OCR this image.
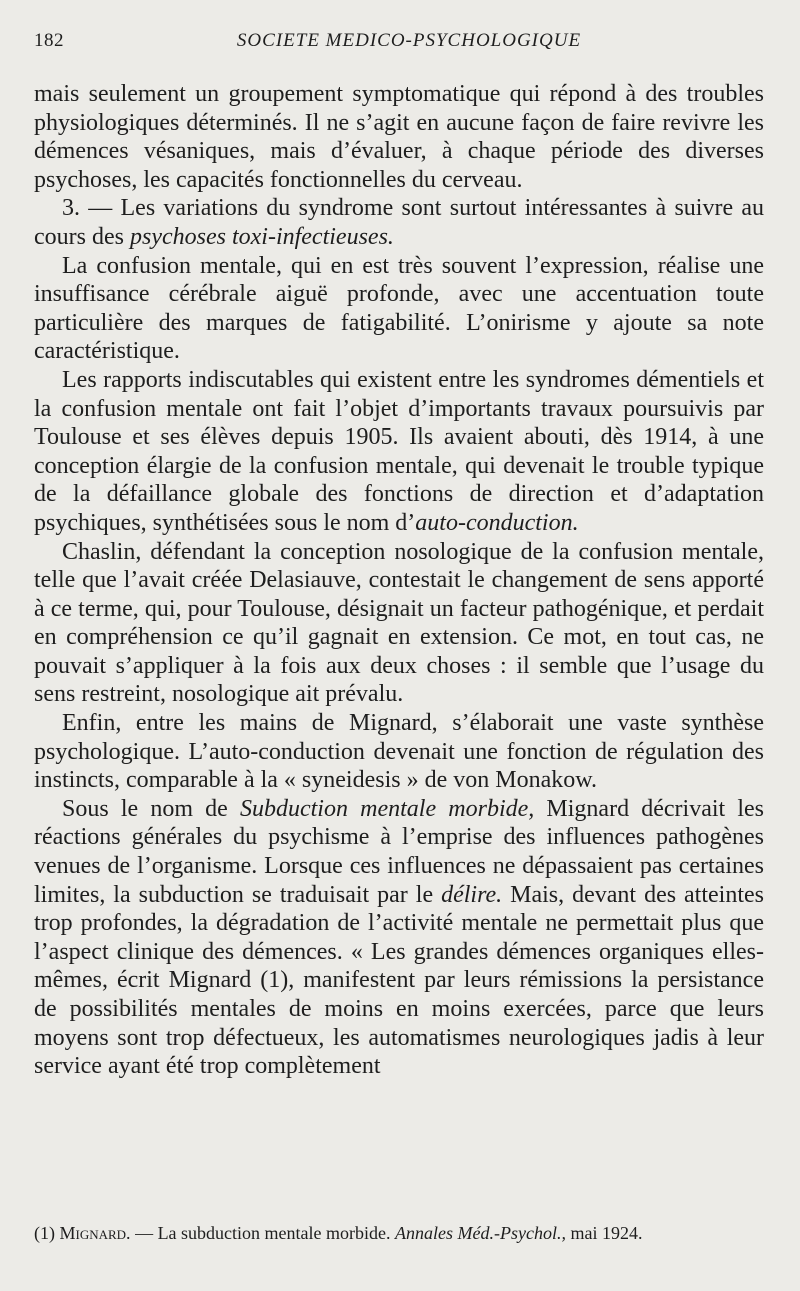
182	SOCIETE MEDICO-PSYCHOLOGIQUE

mais seulement un groupement symptomatique qui répond à des troubles physiologiques déterminés. Il ne s’agit en aucune façon de faire revivre les démences vésaniques, mais d’évaluer, à chaque période des diverses psychoses, les capacités fonctionnelles du cerveau.

3. — Les variations du syndrome sont surtout intéressantes à suivre au cours des psychoses toxi-infectieuses.

La confusion mentale, qui en est très souvent l’expression, réalise une insuffisance cérébrale aiguë profonde, avec une accentuation toute particulière des marques de fatigabilité. L’onirisme y ajoute sa note caractéristique.

Les rapports indiscutables qui existent entre les syndromes démentiels et la confusion mentale ont fait l’objet d’importants travaux poursuivis par Toulouse et ses élèves depuis 1905. Ils avaient abouti, dès 1914, à une conception élargie de la confusion mentale, qui devenait le trouble typique de la défaillance globale des fonctions de direction et d’adaptation psychiques, synthétisées sous le nom d’auto-conduction.

Chaslin, défendant la conception nosologique de la confusion mentale, telle que l’avait créée Delasiauve, contestait le changement de sens apporté à ce terme, qui, pour Toulouse, désignait un facteur pathogénique, et perdait en compréhension ce qu’il gagnait en extension. Ce mot, en tout cas, ne pouvait s’appliquer à la fois aux deux choses : il semble que l’usage du sens restreint, nosologique ait prévalu.

Enfin, entre les mains de Mignard, s’élaborait une vaste synthèse psychologique. L’auto-conduction devenait une fonction de régulation des instincts, comparable à la « syneidesis » de von Monakow.

Sous le nom de Subduction mentale morbide, Mignard décrivait les réactions générales du psychisme à l’emprise des influences pathogènes venues de l’organisme. Lorsque ces influences ne dépassaient pas certaines limites, la subduction se traduisait par le délire. Mais, devant des atteintes trop profondes, la dégradation de l’activité mentale ne permettait plus que l’aspect clinique des démences. « Les grandes démences organiques ellesmêmes, écrit Mignard (1), manifestent par leurs rémissions la persistance de possibilités mentales de moins en moins exercées, parce que leurs moyens sont trop défectueux, les automatismes neurologiques jadis à leur service ayant été trop complètement

(1) Mignard. — La subduction mentale morbide. Annales Méd.-Psychol., mai 1924.
